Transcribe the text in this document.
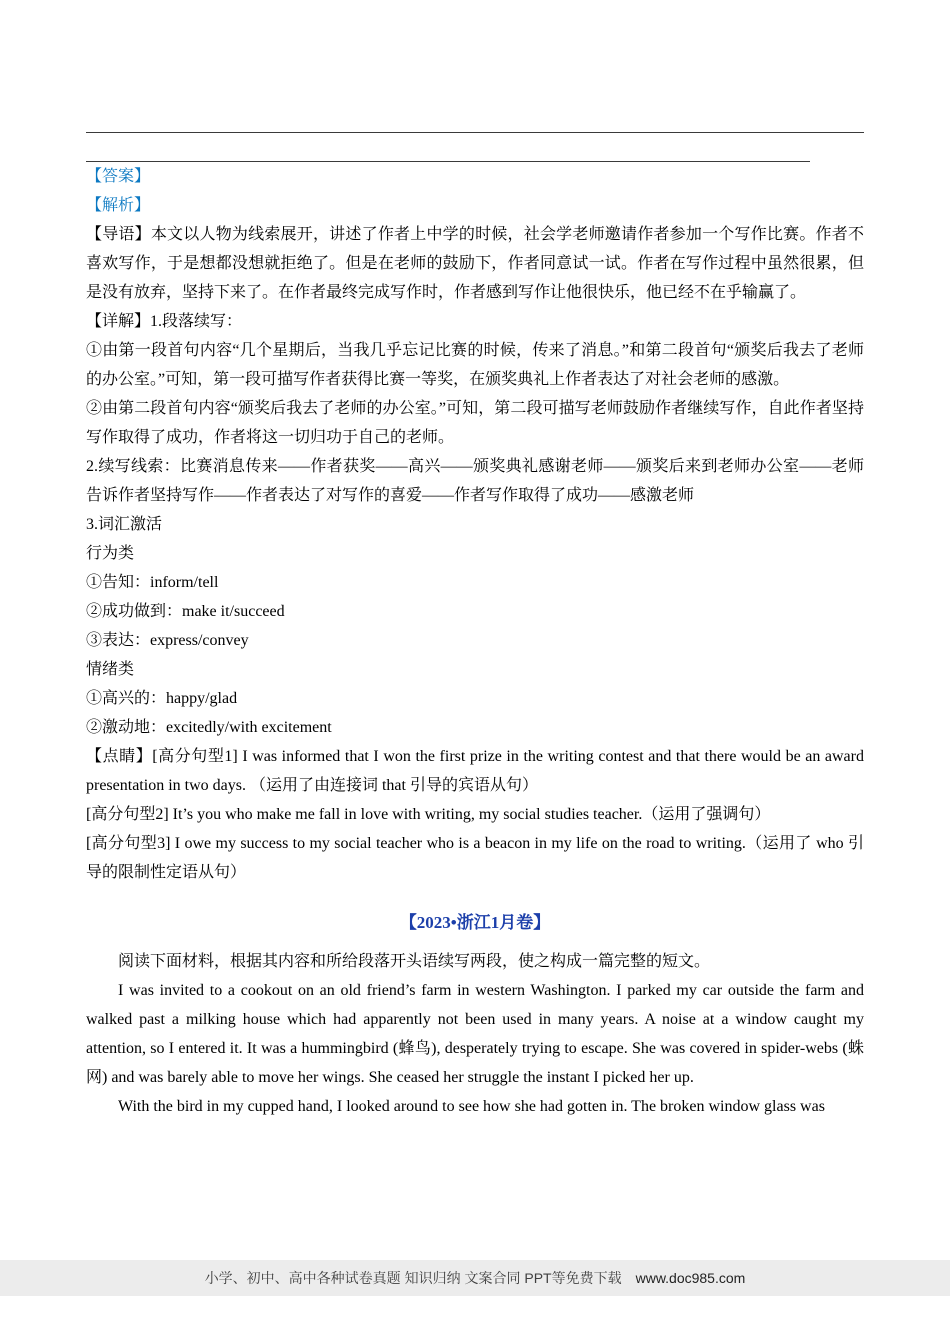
【答案】

【解析】

【导语】本文以人物为线索展开，讲述了作者上中学的时候，社会学老师邀请作者参加一个写作比赛。作者不喜欢写作，于是想都没想就拒绝了。但是在老师的鼓励下，作者同意试一试。作者在写作过程中虽然很累，但是没有放弃，坚持下来了。在作者最终完成写作时，作者感到写作让他很快乐，他已经不在乎输赢了。

【详解】1.段落续写：

①由第一段首句内容“几个星期后，当我几乎忘记比赛的时候，传来了消息。”和第二段首句“颁奖后我去了老师的办公室。”可知，第一段可描写作者获得比赛一等奖，在颁奖典礼上作者表达了对社会老师的感激。

②由第二段首句内容“颁奖后我去了老师的办公室。”可知，第二段可描写老师鼓励作者继续写作，自此作者坚持写作取得了成功，作者将这一切归功于自己的老师。

2.续写线索：比赛消息传来——作者获奖——高兴——颁奖典礼感谢老师——颁奖后来到老师办公室——老师告诉作者坚持写作——作者表达了对写作的喜爱——作者写作取得了成功——感激老师

3.词汇激活

行为类

①告知：inform/tell

②成功做到：make it/succeed

③表达：express/convey

情绪类

①高兴的：happy/glad

②激动地：excitedly/with excitement

【点睛】[高分句型1] I was informed that I won the first prize in the writing contest and that there would be an award presentation in two days. （运用了由连接词 that 引导的宾语从句）

[高分句型2] It’s you who make me fall in love with writing, my social studies teacher.（运用了强调句）

[高分句型3] I owe my success to my social teacher who is a beacon in my life on the road to writing.（运用了 who 引导的限制性定语从句）

【2023•浙江1月卷】

阅读下面材料，根据其内容和所给段落开头语续写两段，使之构成一篇完整的短文。

I was invited to a cookout on an old friend’s farm in western Washington. I parked my car outside the farm and walked past a milking house which had apparently not been used in many years. A noise at a window caught my attention, so I entered it. It was a hummingbird (蜂鸟), desperately trying to escape. She was covered in spider-webs (蛛网) and was barely able to move her wings. She ceased her struggle the instant I picked her up.

With the bird in my cupped hand, I looked around to see how she had gotten in. The broken window glass was

小学、初中、高中各种试卷真题 知识归纳 文案合同 PPT等免费下载 www.doc985.com
